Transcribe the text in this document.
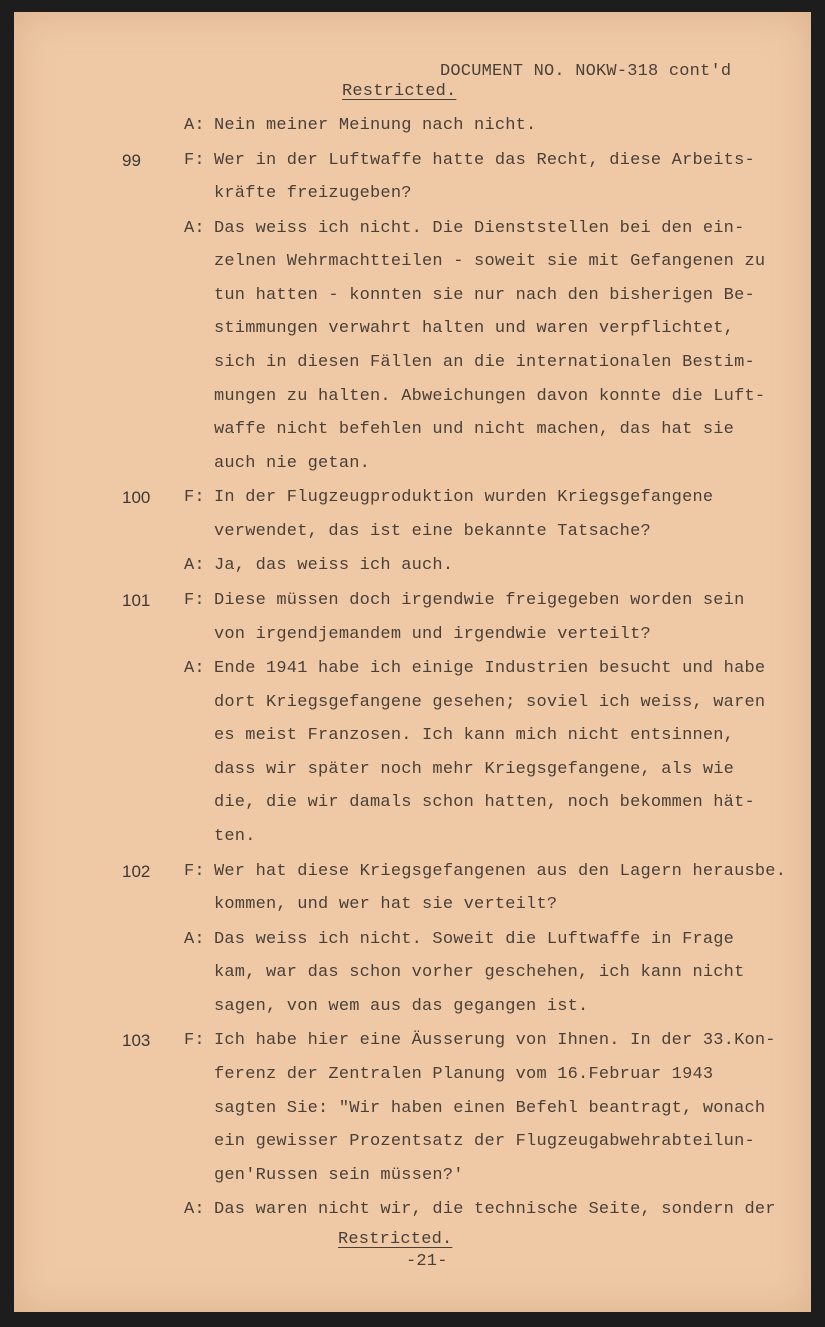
DOCUMENT NO. NOKW-318 cont'd
Restricted.
A: Nein meiner Meinung nach nicht.
99	F: Wer in der Luftwaffe hatte das Recht, diese Arbeits-
kräfte freizugeben?
A: Das weiss ich nicht. Die Dienststellen bei den ein-
zelnen Wehrmachtteilen - soweit sie mit Gefangenen zu
tun hatten - konnten sie nur nach den bisherigen Be-
stimmungen verwahrt halten und waren verpflichtet,
sich in diesen Fällen an die internationalen Bestim-
mungen zu halten. Abweichungen davon konnte die Luft-
waffe nicht befehlen und nicht machen, das hat sie
auch nie getan.
100 F: In der Flugzeugproduktion wurden Kriegsgefangene
verwendet, das ist eine bekannte Tatsache?
A: Ja, das weiss ich auch.
101 F: Diese müssen doch irgendwie freigegeben worden sein
von irgendjemandem und irgendwie verteilt?
A: Ende 1941 habe ich einige Industrien besucht und habe
dort Kriegsgefangene gesehen; soviel ich weiss, waren
es meist Franzosen. Ich kann mich nicht entsinnen,
dass wir später noch mehr Kriegsgefangene, als wie
die, die wir damals schon hatten, noch bekommen hät-
ten.
102 F: Wer hat diese Kriegsgefangenen aus den Lagern herausbe.
kommen, und wer hat sie verteilt?
A: Das weiss ich nicht. Soweit die Luftwaffe in Frage
kam, war das schon vorher geschehen, ich kann nicht
sagen, von wem aus das gegangen ist.
103 F: Ich habe hier eine Äusserung von Ihnen. In der 33.Kon-
ferenz der Zentralen Planung vom 16.Februar 1943
sagten Sie: "Wir haben einen Befehl beantragt, wonach
ein gewisser Prozentsatz der Flugzeugabwehrabteilun-
gen'Russen sein müssen?'
A: Das waren nicht wir, die technische Seite, sondern der
Restricted.
-21-
